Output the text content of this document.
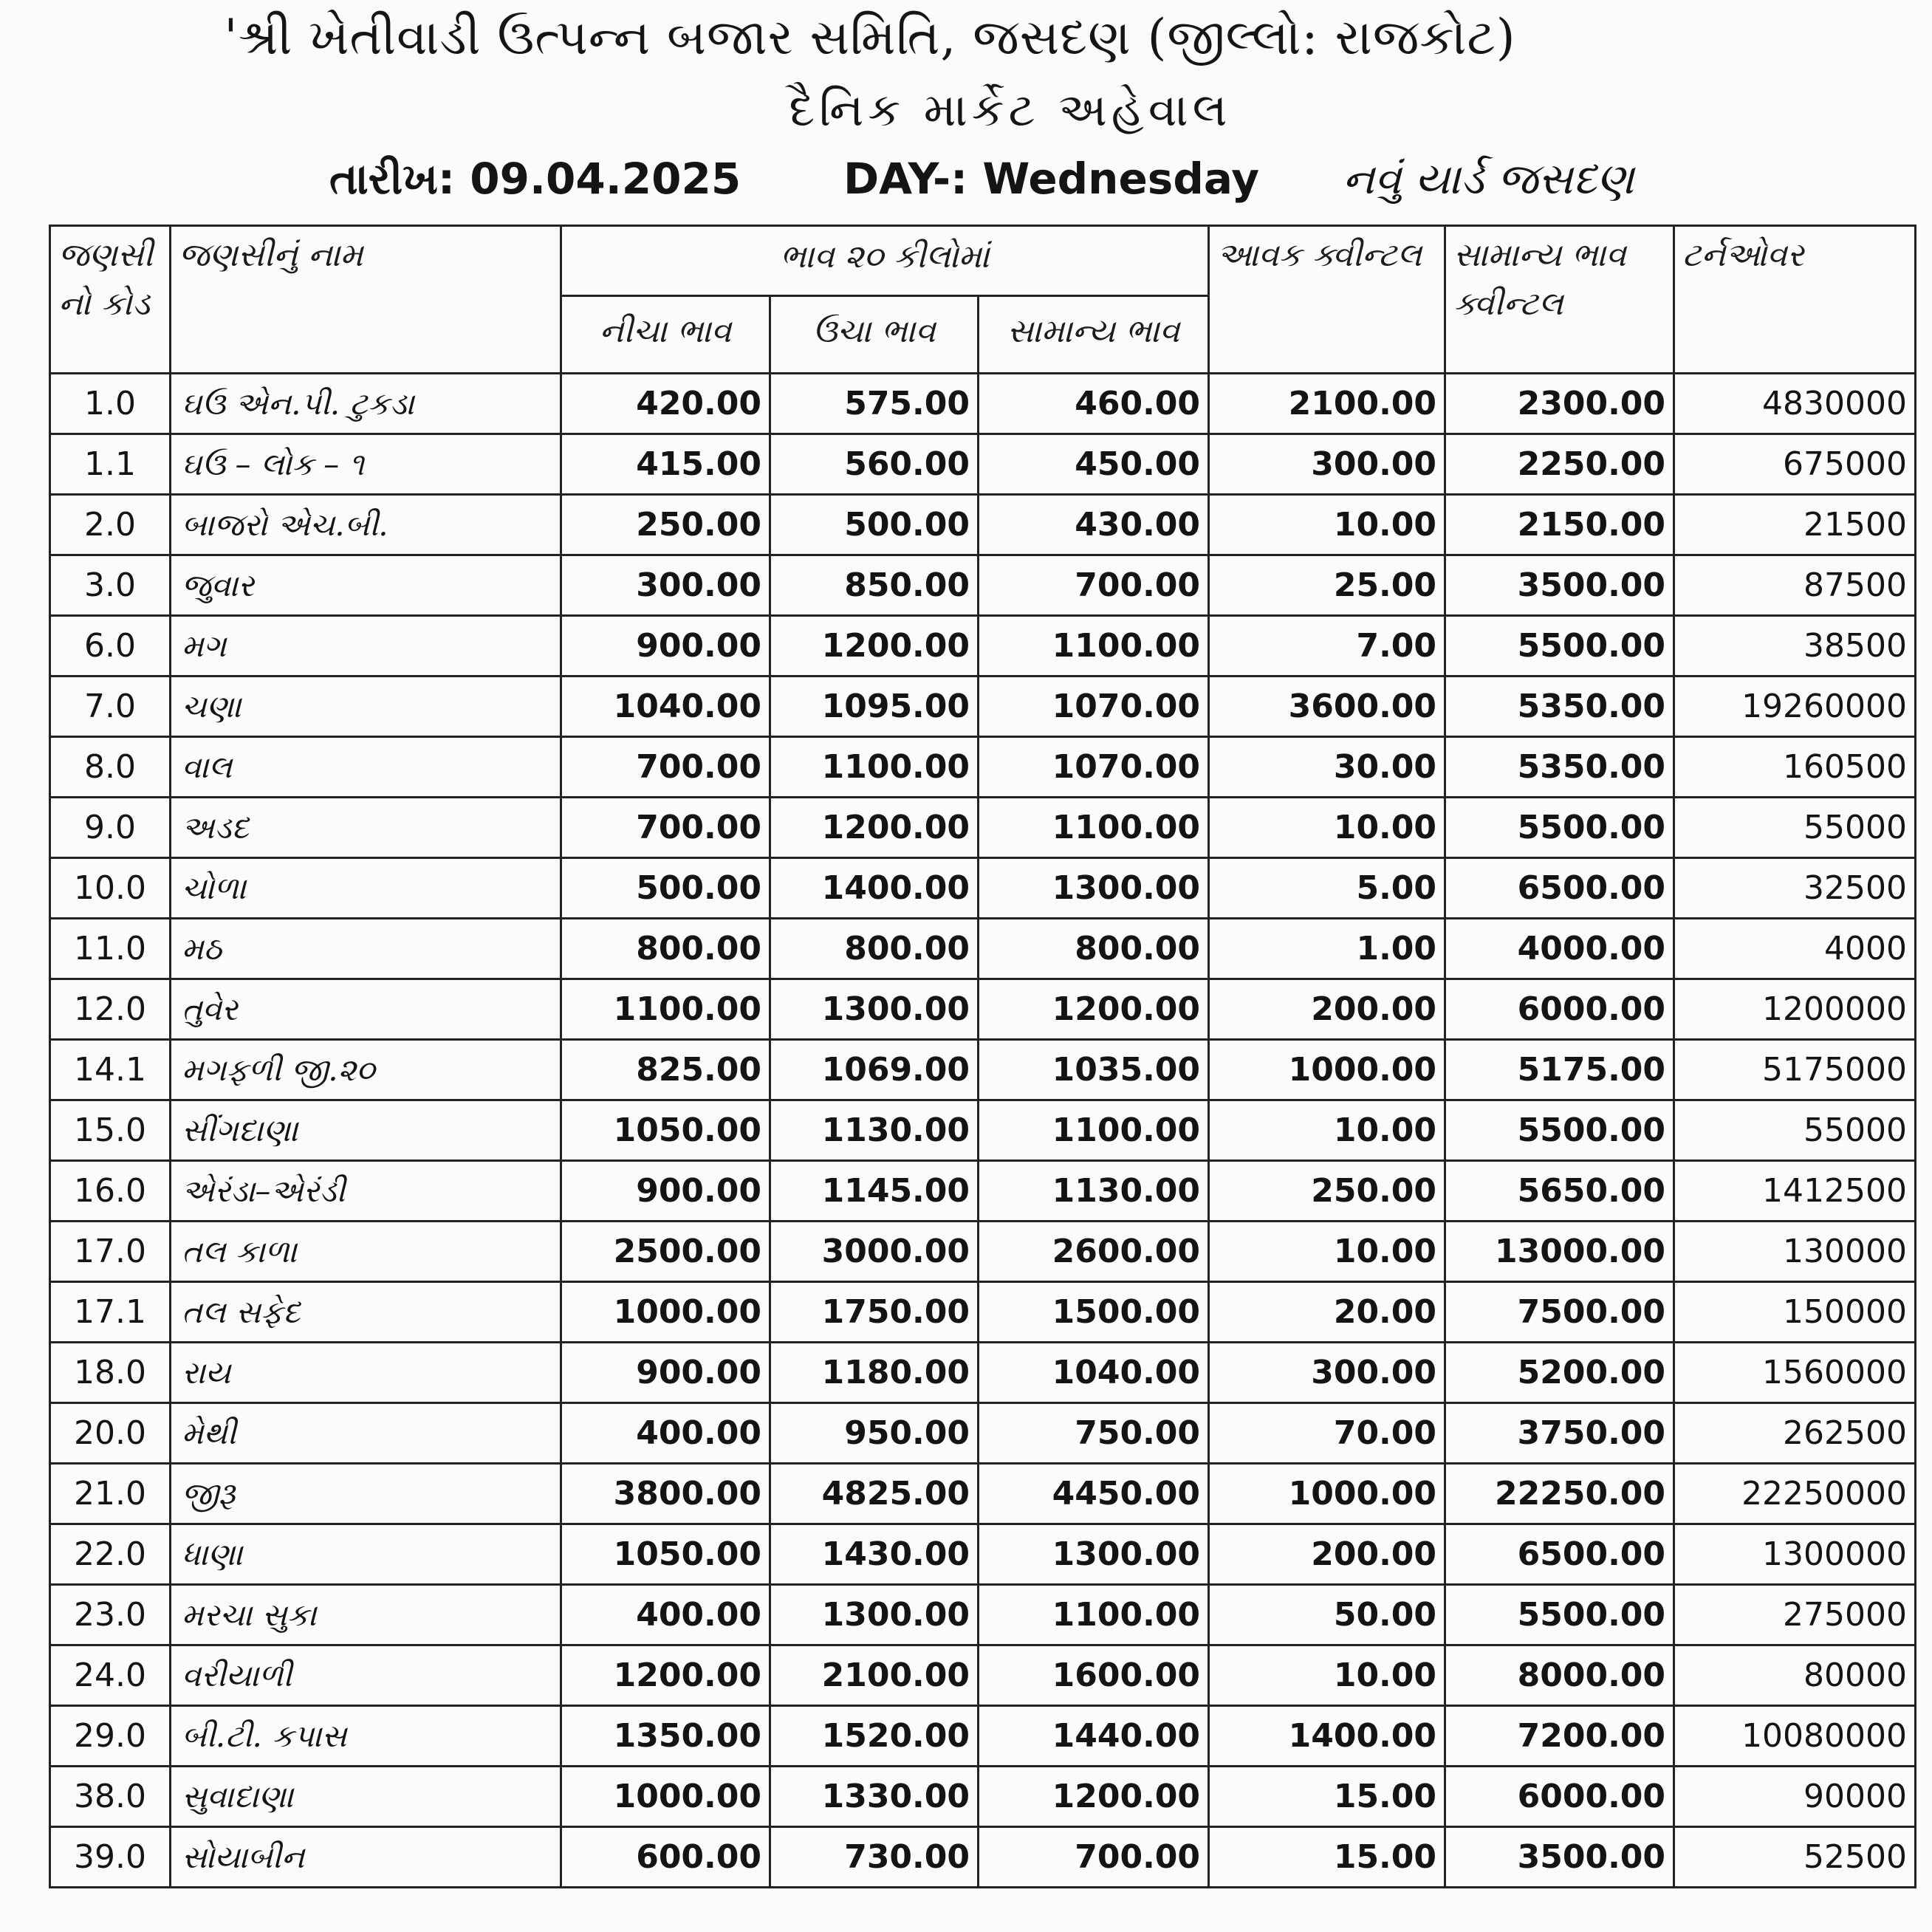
'શ્રી ખેતીવાડી ઉત્પન્ન બજાર સમિતિ, જસદણ (જીલ્લો: રાજકોટ)
દૈનિક માર્કેટ અહેવાલ
તારીખ: 09.04.2025 DAY-: Wednesday નવું યાર્ડ જસદણ
જણસી નો કોડ	જણસીનું નામ	ભાવ ૨૦ કીલોમાં			આવક ક્વીન્ટલ	સામાન્ય ભાવ ક્વીન્ટલ	ટર્નઓવર
		નીચા ભાવ	ઉચા ભાવ	સામાન્ય ભાવ			
1.0	ઘઉ એન.પી. ટુકડા	420.00	575.00	460.00	2100.00	2300.00	4830000
1.1	ઘઉ – લોક – ૧	415.00	560.00	450.00	300.00	2250.00	675000
2.0	બાજરો એચ.બી.	250.00	500.00	430.00	10.00	2150.00	21500
3.0	જુવાર	300.00	850.00	700.00	25.00	3500.00	87500
6.0	મગ	900.00	1200.00	1100.00	7.00	5500.00	38500
7.0	ચણા	1040.00	1095.00	1070.00	3600.00	5350.00	19260000
8.0	વાલ	700.00	1100.00	1070.00	30.00	5350.00	160500
9.0	અડદ	700.00	1200.00	1100.00	10.00	5500.00	55000
10.0	ચોળા	500.00	1400.00	1300.00	5.00	6500.00	32500
11.0	મઠ	800.00	800.00	800.00	1.00	4000.00	4000
12.0	તુવેર	1100.00	1300.00	1200.00	200.00	6000.00	1200000
14.1	મગફળી જી.૨૦	825.00	1069.00	1035.00	1000.00	5175.00	5175000
15.0	સીંગદાણા	1050.00	1130.00	1100.00	10.00	5500.00	55000
16.0	એરંડા–એરંડી	900.00	1145.00	1130.00	250.00	5650.00	1412500
17.0	તલ કાળા	2500.00	3000.00	2600.00	10.00	13000.00	130000
17.1	તલ સફેદ	1000.00	1750.00	1500.00	20.00	7500.00	150000
18.0	રાય	900.00	1180.00	1040.00	300.00	5200.00	1560000
20.0	મેથી	400.00	950.00	750.00	70.00	3750.00	262500
21.0	જીરૂ	3800.00	4825.00	4450.00	1000.00	22250.00	22250000
22.0	ધાણા	1050.00	1430.00	1300.00	200.00	6500.00	1300000
23.0	મરચા સુકા	400.00	1300.00	1100.00	50.00	5500.00	275000
24.0	વરીયાળી	1200.00	2100.00	1600.00	10.00	8000.00	80000
29.0	બી.ટી. કપાસ	1350.00	1520.00	1440.00	1400.00	7200.00	10080000
38.0	સુવાદાણા	1000.00	1330.00	1200.00	15.00	6000.00	90000
39.0	સોયાબીન	600.00	730.00	700.00	15.00	3500.00	52500
